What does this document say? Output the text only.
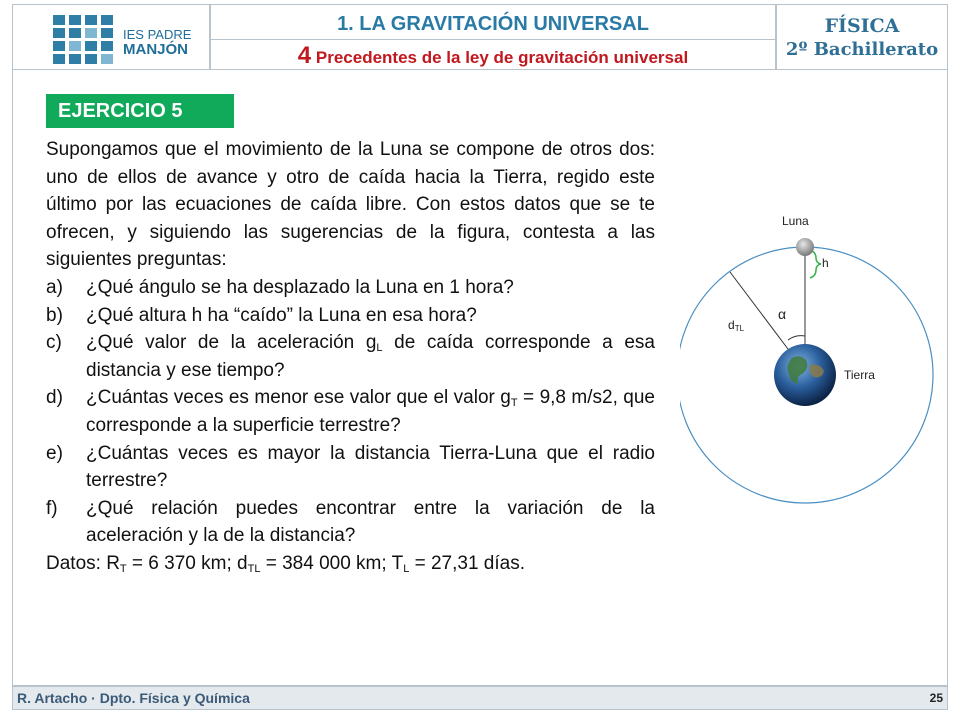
IES PADRE
MANJÓN
1. LA GRAVITACIÓN UNIVERSAL
4 Precedentes de la ley de gravitación universal
FÍSICA
2º Bachillerato
EJERCICIO 5

Supongamos que el movimiento de la Luna se compone de otros dos: uno de ellos de avance y otro de caída hacia la Tierra, regido este último por las ecuaciones de caída libre. Con estos datos que se te ofrecen, y siguiendo las sugerencias de la figura, contesta a las siguientes preguntas:

a)	¿Qué ángulo se ha desplazado la Luna en 1 hora?
b)	¿Qué altura h ha “caído” la Luna en esa hora?
c)	¿Qué valor de la aceleración $g_L$ de caída corresponde a esa distancia y ese tiempo?
d)	¿Cuántas veces es menor ese valor que el valor $g_T = 9,8$ m/s2, que corresponde a la superficie terrestre?
e)	¿Cuántas veces es mayor la distancia Tierra-Luna que el radio terrestre?
f)	¿Qué relación puedes encontrar entre la variación de la aceleración y la de la distancia?

Datos: $R_T = 6$ 370 km; $d_{TL} = 384$ 000 km; $T_L = 27,31$ días.

Luna
h
α
$d_{TL}$
Tierra
R. Artacho · Dpto. Física y Química	25
